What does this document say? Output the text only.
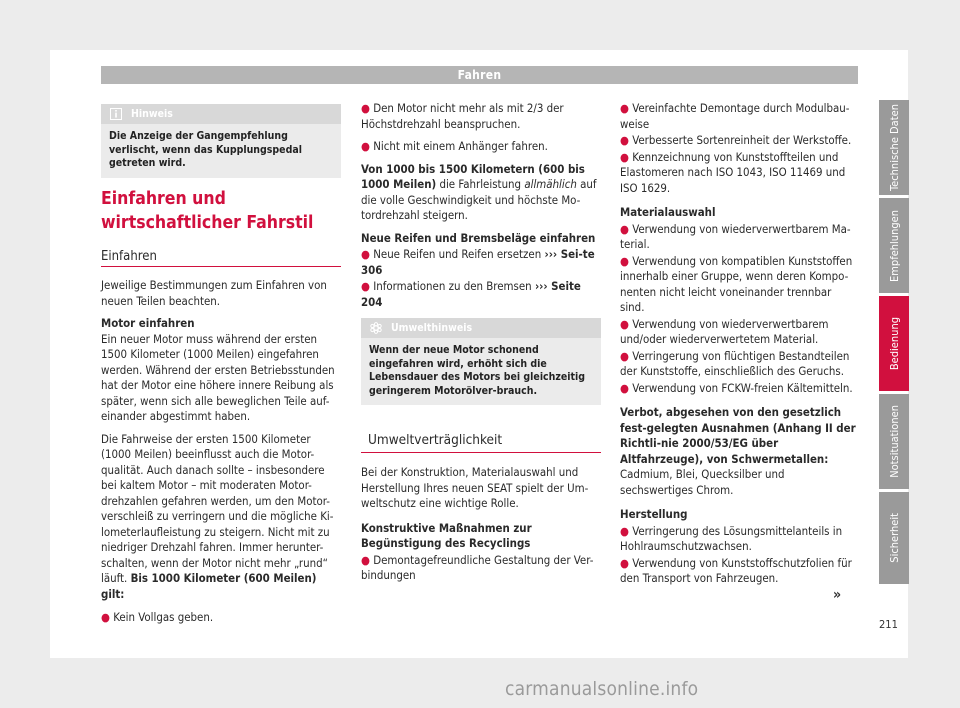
Fahren
Technische Daten
Empfehlungen
Bedienung
Notsituationen
Sicherheit
Hinweis
Die Anzeige der Gangempfehlung verlischt, wenn das Kupplungspedal getreten wird.
Einfahren und wirtschaftlicher Fahrstil
Einfahren

Jeweilige Bestimmungen zum Einfahren von neuen Teilen beachten.

Motor einfahren

Ein neuer Motor muss während der ersten 1500 Kilometer (1000 Meilen) eingefahren werden. Während der ersten Betriebsstunden hat der Motor eine höhere innere Reibung als später, wenn sich alle beweglichen Teile auf-einander abgestimmt haben.

Die Fahrweise der ersten 1500 Kilometer (1000 Meilen) beeinflusst auch die Motor-qualität. Auch danach sollte – insbesondere bei kaltem Motor – mit moderaten Motor-drehzahlen gefahren werden, um den Motor-verschleiß zu verringern und die mögliche Ki-lometerlaufleistung zu steigern. Nicht mit zu niedriger Drehzahl fahren. Immer herunter-schalten, wenn der Motor nicht mehr „rund“ läuft. Bis 1000 Kilometer (600 Meilen) gilt:

● Kein Vollgas geben.

● Den Motor nicht mehr als mit 2/3 der Höchstdrehzahl beanspruchen.

● Nicht mit einem Anhänger fahren.

Von 1000 bis 1500 Kilometern (600 bis 1000 Meilen) die Fahrleistung allmählich auf die volle Geschwindigkeit und höchste Mo-tordrehzahl steigern.

Neue Reifen und Bremsbeläge einfahren

● Neue Reifen und Reifen ersetzen ››› Sei-te 306

● Informationen zu den Bremsen ››› Seite 204

Umwelthinweis
Wenn der neue Motor schonend eingefahren wird, erhöht sich die Lebensdauer des Motors bei gleichzeitig geringerem Motorölver-brauch.
Umweltverträglichkeit

Bei der Konstruktion, Materialauswahl und Herstellung Ihres neuen SEAT spielt der Um-weltschutz eine wichtige Rolle.

Konstruktive Maßnahmen zur Begünstigung des Recyclings

● Demontagefreundliche Gestaltung der Ver-bindungen

● Vereinfachte Demontage durch Modulbau-weise

● Verbesserte Sortenreinheit der Werkstoffe.

● Kennzeichnung von Kunststoffteilen und Elastomeren nach ISO 1043, ISO 11469 und ISO 1629.

Materialauswahl

● Verwendung von wiederverwertbarem Ma-terial.

● Verwendung von kompatiblen Kunststoffen innerhalb einer Gruppe, wenn deren Kompo-nenten nicht leicht voneinander trennbar sind.

● Verwendung von wiederverwertbarem und/oder wiederverwertetem Material.

● Verringerung von flüchtigen Bestandteilen der Kunststoffe, einschließlich des Geruchs.

● Verwendung von FCKW-freien Kältemitteln.

Verbot, abgesehen von den gesetzlich fest-gelegten Ausnahmen (Anhang II der Richtli-nie 2000/53/EG über Altfahrzeuge), von Schwermetallen: Cadmium, Blei, Quecksilber und sechswertiges Chrom.

Herstellung

● Verringerung des Lösungsmittelanteils in Hohlraumschutzwachsen.

● Verwendung von Kunststoffschutzfolien für den Transport von Fahrzeugen.

»
211
carmanualsonline.info
